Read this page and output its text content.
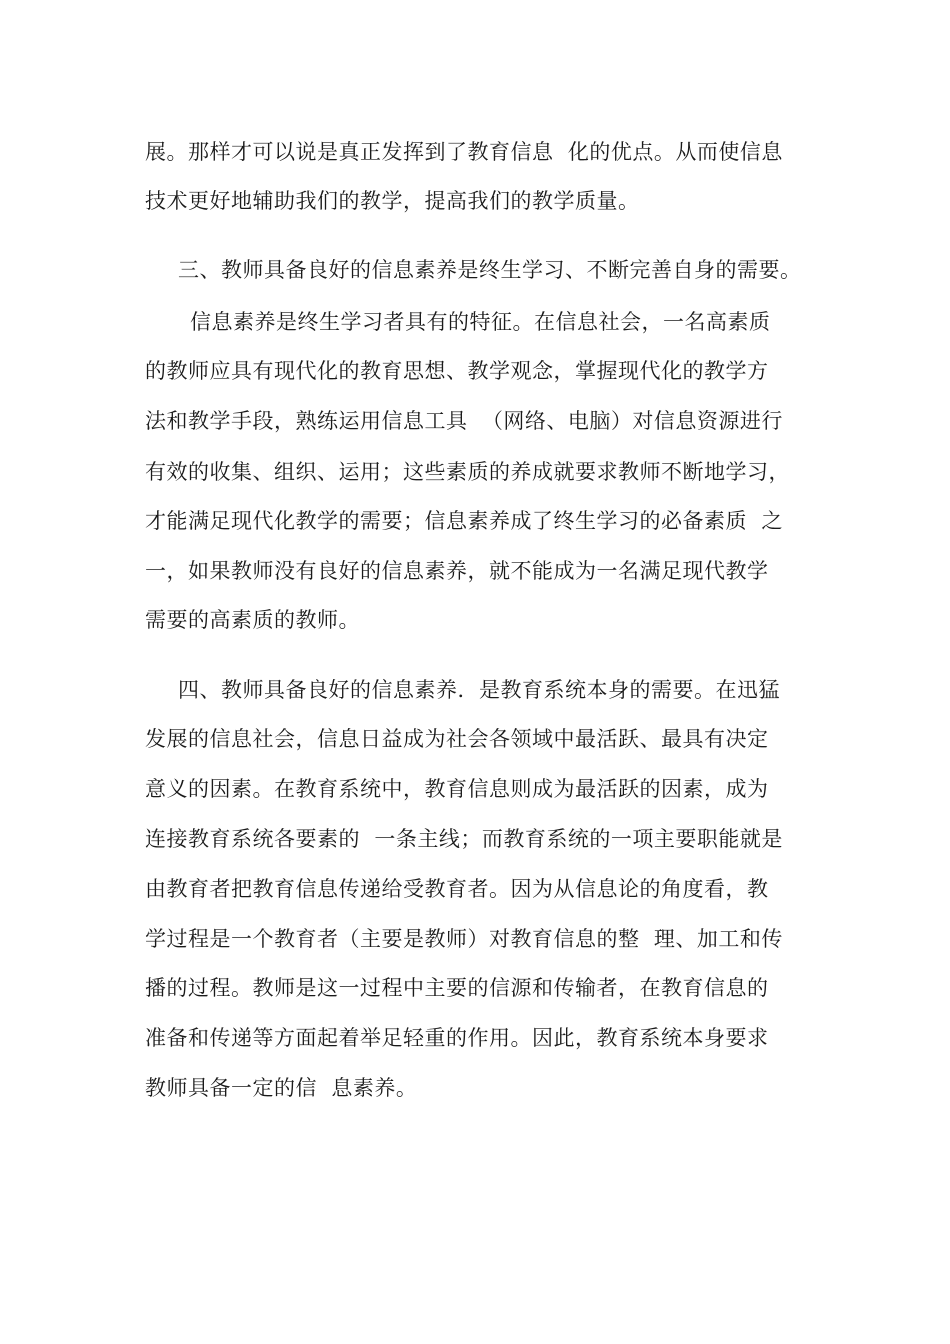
展。那样才可以说是真正发挥到了教育信息  化的优点。从而使信息
技术更好地辅助我们的教学，提高我们的教学质量。
三、教师具备良好的信息素养是终生学习、不断完善自身的需要。
信息素养是终生学习者具有的特征。在信息社会，一名高素质
的教师应具有现代化的教育思想、教学观念，掌握现代化的教学方
法和教学手段，熟练运用信息工具  （网络、电脑）对信息资源进行
有效的收集、组织、运用；这些素质的养成就要求教师不断地学习，
才能满足现代化教学的需要；信息素养成了终生学习的必备素质  之
一，如果教师没有良好的信息素养，就不能成为一名满足现代教学
需要的高素质的教师。
四、教师具备良好的信息素养．是教育系统本身的需要。在迅猛
发展的信息社会，信息日益成为社会各领域中最活跃、最具有决定
意义的因素。在教育系统中，教育信息则成为最活跃的因素，成为
连接教育系统各要素的  一条主线；而教育系统的一项主要职能就是
由教育者把教育信息传递给受教育者。因为从信息论的角度看，教
学过程是一个教育者（主要是教师）对教育信息的整  理、加工和传
播的过程。教师是这一过程中主要的信源和传输者，在教育信息的
准备和传递等方面起着举足轻重的作用。因此，教育系统本身要求
教师具备一定的信  息素养。
